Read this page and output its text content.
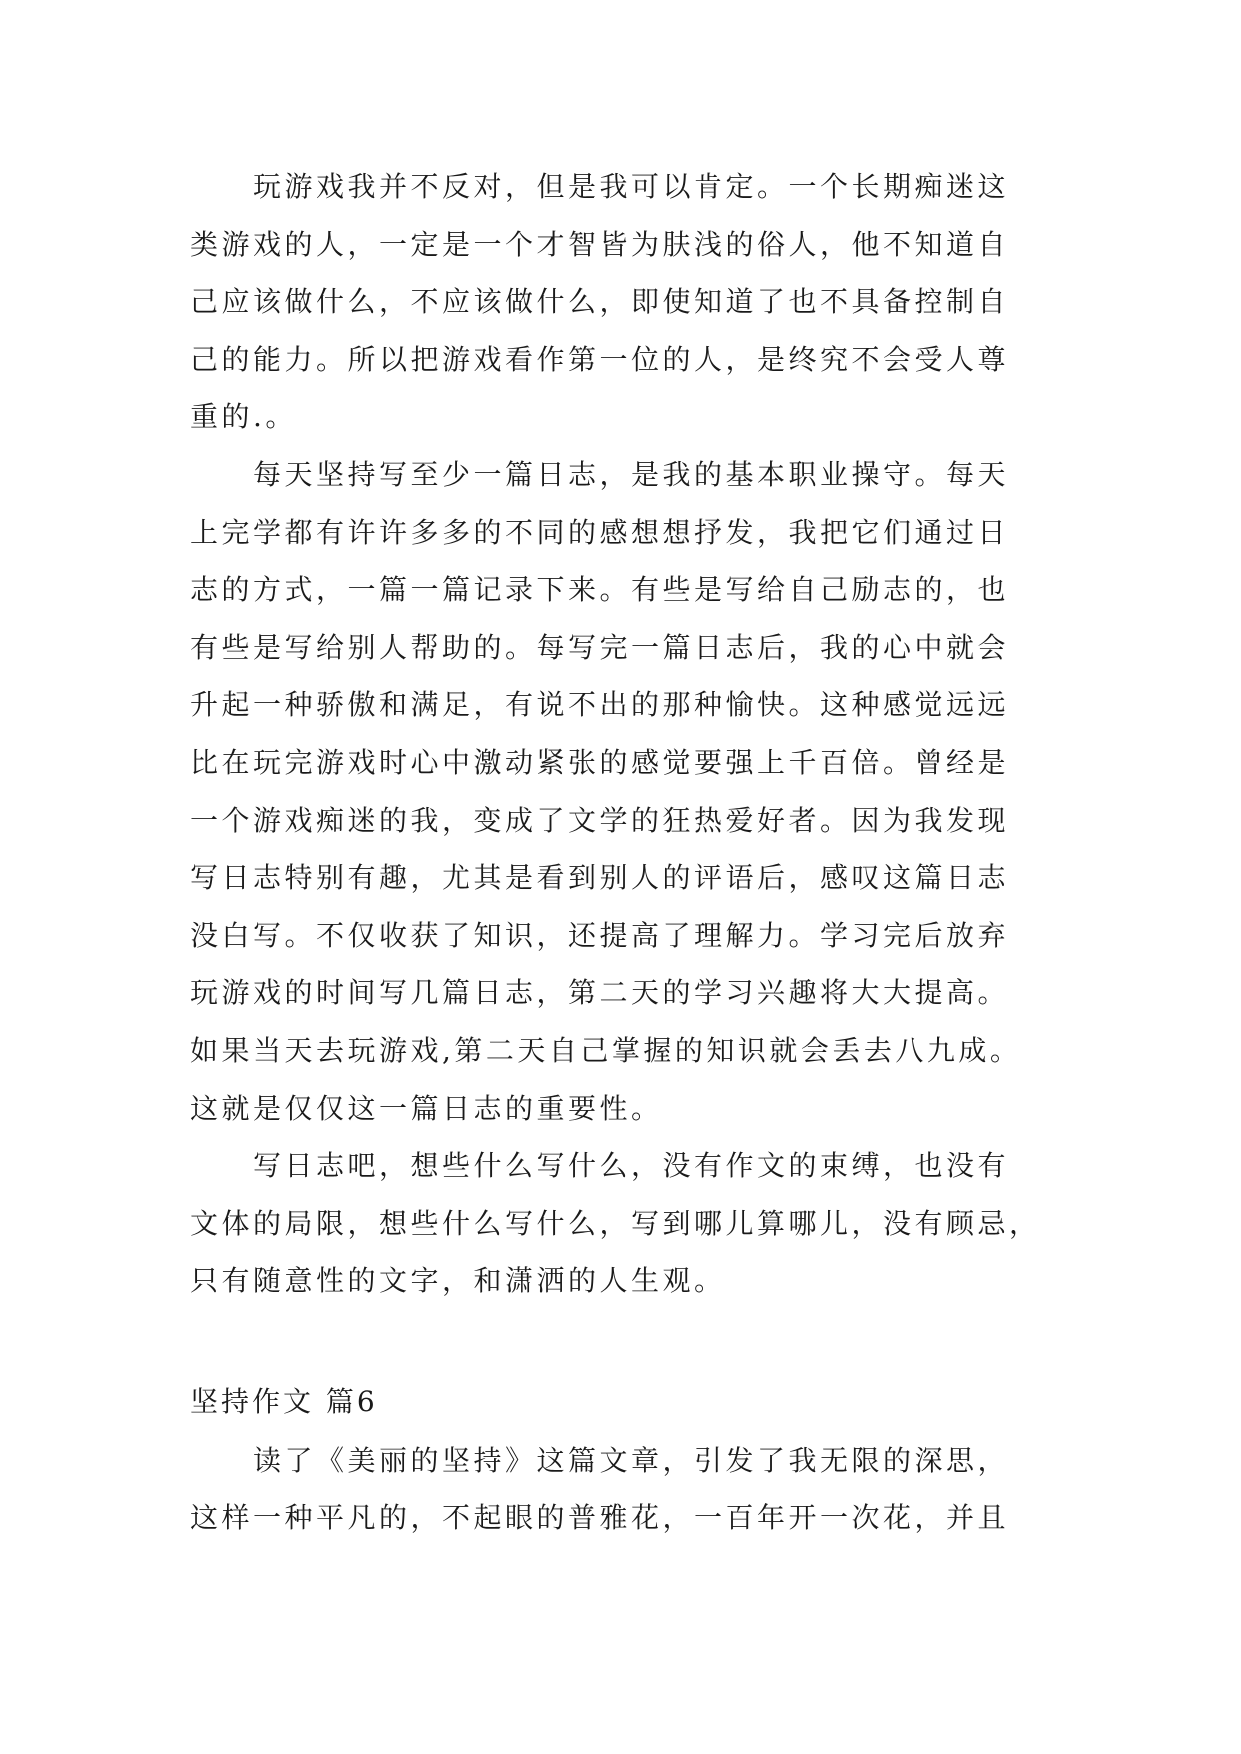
　　玩游戏我并不反对，但是我可以肯定。一个长期痴迷这
类游戏的人，一定是一个才智皆为肤浅的俗人，他不知道自
己应该做什么，不应该做什么，即使知道了也不具备控制自
己的能力。所以把游戏看作第一位的人，是终究不会受人尊
重的.。
　　每天坚持写至少一篇日志，是我的基本职业操守。每天
上完学都有许许多多的不同的感想想抒发，我把它们通过日
志的方式，一篇一篇记录下来。有些是写给自己励志的，也
有些是写给别人帮助的。每写完一篇日志后，我的心中就会
升起一种骄傲和满足，有说不出的那种愉快。这种感觉远远
比在玩完游戏时心中激动紧张的感觉要强上千百倍。曾经是
一个游戏痴迷的我，变成了文学的狂热爱好者。因为我发现
写日志特别有趣，尤其是看到别人的评语后，感叹这篇日志
没白写。不仅收获了知识，还提高了理解力。学习完后放弃
玩游戏的时间写几篇日志，第二天的学习兴趣将大大提高。
如果当天去玩游戏,第二天自己掌握的知识就会丢去八九成。
这就是仅仅这一篇日志的重要性。
　　写日志吧，想些什么写什么，没有作文的束缚，也没有
文体的局限，想些什么写什么，写到哪儿算哪儿，没有顾忌，
只有随意性的文字，和潇洒的人生观。
坚持作文 篇6
　　读了《美丽的坚持》这篇文章，引发了我无限的深思，
这样一种平凡的，不起眼的普雅花，一百年开一次花，并且
